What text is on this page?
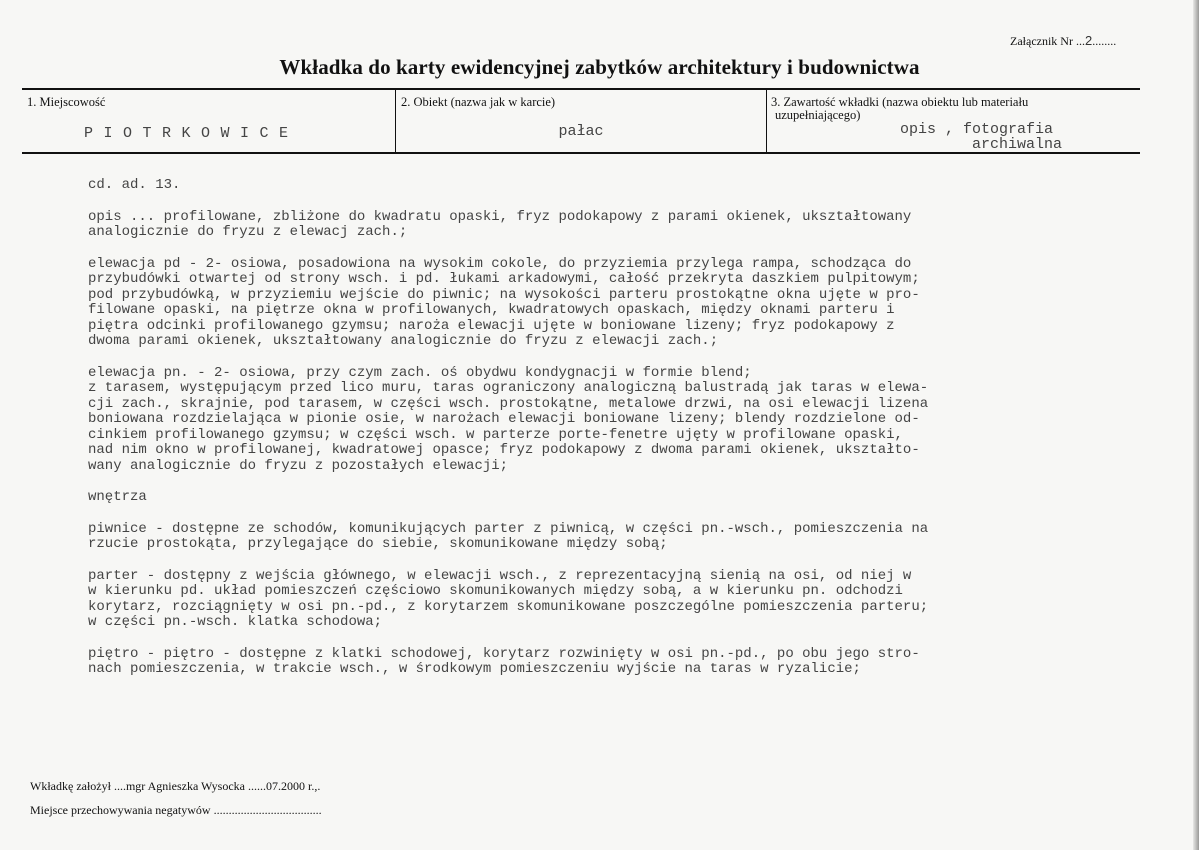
Załącznik Nr ...2........
Wkładka do karty ewidencyjnej zabytków architektury i budownictwa
1. Miejscowość
PIOTRKOWICE
2. Obiekt (nazwa jak w karcie)
pałac
3. Zawartość wkładki (nazwa obiektu lub materiału
uzupełniającego)
opis , fotografia
archiwalna
cd. ad. 13.
opis ... profilowane, zbliżone do kwadratu opaski, fryz podokapowy z parami okienek, ukształtowany
analogicznie do fryzu z elewacj zach.;
elewacja pd - 2- osiowa, posadowiona na wysokim cokole, do przyziemia przylega rampa, schodząca do
przybudówki otwartej od strony wsch. i pd. łukami arkadowymi, całość przekryta daszkiem pulpitowym;
pod przybudówką, w przyziemiu wejście do piwnic; na wysokości parteru prostokątne okna ujęte w pro-
filowane opaski, na piętrze okna w profilowanych, kwadratowych opaskach, między oknami parteru i
piętra odcinki profilowanego gzymsu; naroża elewacji ujęte w boniowane lizeny; fryz podokapowy z
dwoma parami okienek, ukształtowany analogicznie do fryzu z elewacji zach.;
elewacja pn. - 2- osiowa, przy czym zach. oś obydwu kondygnacji w formie blend;
z tarasem, występującym przed lico muru, taras ograniczony analogiczną balustradą jak taras w elewa-
cji zach., skrajnie, pod tarasem, w części wsch. prostokątne, metalowe drzwi, na osi elewacji lizena
boniowana rozdzielająca w pionie osie, w narożach elewacji boniowane lizeny; blendy rozdzielone od-
cinkiem profilowanego gzymsu; w części wsch. w parterze porte-fenetre ujęty w profilowane opaski,
nad nim okno w profilowanej, kwadratowej opasce; fryz podokapowy z dwoma parami okienek, ukształto-
wany analogicznie do fryzu z pozostałych elewacji;
wnętrza
piwnice - dostępne ze schodów, komunikujących parter z piwnicą, w części pn.-wsch., pomieszczenia na
rzucie prostokąta, przylegające do siebie, skomunikowane między sobą;
parter - dostępny z wejścia głównego, w elewacji wsch., z reprezentacyjną sienią na osi, od niej w
w kierunku pd. układ pomieszczeń częściowo skomunikowanych między sobą, a w kierunku pn. odchodzi
korytarz, rozciągnięty w osi pn.-pd., z korytarzem skomunikowane poszczególne pomieszczenia parteru;
w części pn.-wsch. klatka schodowa;
piętro - piętro - dostępne z klatki schodowej, korytarz rozwinięty w osi pn.-pd., po obu jego stro-
nach pomieszczenia, w trakcie wsch., w środkowym pomieszczeniu wyjście na taras w ryzalicie;
Wkładkę założył ....mgr Agnieszka Wysocka ......07.2000 r.,.
Miejsce przechowywania negatywów ....................................
